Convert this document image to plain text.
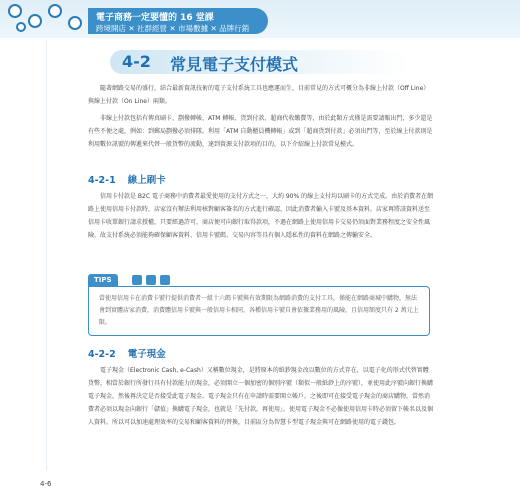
電子商務一定要懂的 16 堂課
跨境開店 ✕ 社群經營 ✕ 市場數據 ✕ 品牌行銷
4-2 常見電子支付模式

隨著網路交易的盛行，結合最新資訊技術的電子支付系統工具也應運而生，目前常見的方式可概分為非線上付款（Off Line）與線上付款（On Line）兩類。

非線上付款包括有傳真刷卡、劃撥轉帳、ATM 轉帳、貨到付款、超商代收繳費等，由於此類方式僅是需要請賬出門，多少還是有些不便之處，例如：到郵局劃撥必須排隊。利用「ATM 自動櫃員機轉帳」或到「超商貨到付款」必須出門等，至於線上付款則是利用數位訊號的傳遞來代替一般貨幣的流動，達到資源支付款項的目的，以下介紹線上付款常見模式。

4-2-1 線上刷卡

信用卡付款是 B2C 電子商務中消費者最愛使用的支付方式之一，大約 90% 的線上支付均以刷卡的方式完成。由於消費者在網路上使用信用卡付款時，店家沒有辦法利用核對顧客簽名的方式進行確認，因此消費者輸入卡號及基本資料，店家再將該資料送至信用卡收單銀行請求授權，只要經過許可，商店便可向銀行取得款項，不過在網路上使用信用卡交易仍須面對業務程度之安全性風險，故支付系統必須能夠確保顧客資料、信用卡號碼、交易內容等具有個人隱私性的資料在網路之傳輸安全。

TIPS

當使用信用卡在消費卡號行提供消費者一組十六碼卡號與有效期限為網路消費的支付工具，僅能在網路商城中購物，無法會到實體店家消費，消費體信用卡號與一般信用卡相同，各種信用卡號自會依據業務用的風險，且信用額度只有 2 萬元上限。

4-2-2 電子現金

電子現金（Electronic Cash, e-Cash）又稱數位現金，是將原本的紙鈔現金改以數位的方式存在，以電子化的形式代替實體貨幣，相當於銀行所發行具有付款能力的現金，必須開立一個加密的個別序號（類似一般紙鈔上的序號），並使用此序號向銀行換購電子現金，然後再決定是否接受此電子現金。電子現金只有在申請時需要開立帳戶，之後即可在接受電子現金的商店購物，當然消費者必須以現金向銀行「儲值」換購電子現金，也就是「先付款，再使用」，使用電子現金不必像使用信用卡時必須留下帳名以及個人資料，所以可以加速處理效率的交易和顧客資料的替換，目前區分為智慧卡型電子現金與可在網路使用的電子錢包。

4-6
